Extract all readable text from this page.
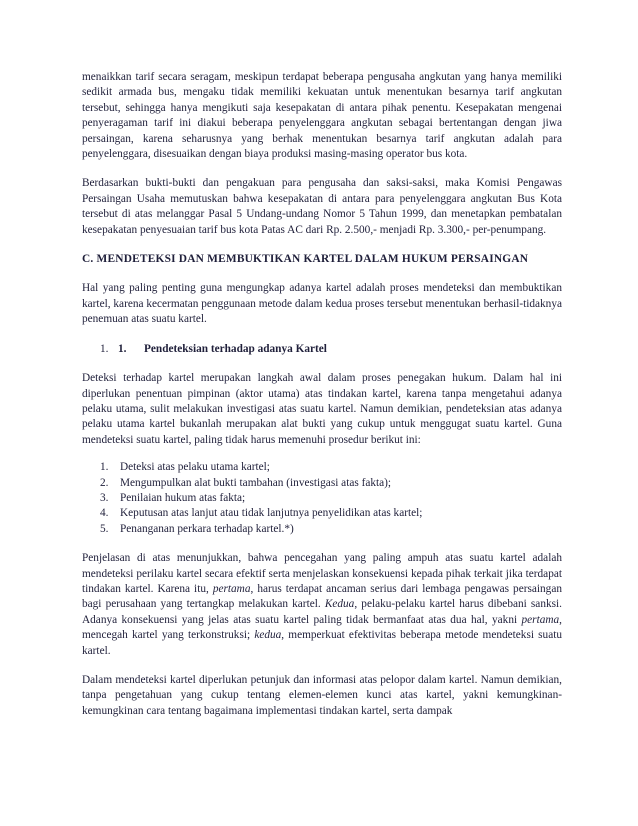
menaikkan tarif secara seragam, meskipun terdapat beberapa pengusaha angkutan yang hanya memiliki sedikit armada bus, mengaku tidak memiliki kekuatan untuk menentukan besarnya tarif angkutan tersebut, sehingga hanya mengikuti saja kesepakatan di antara pihak penentu. Kesepakatan mengenai penyeragaman tarif ini diakui beberapa penyelenggara angkutan sebagai bertentangan dengan jiwa persaingan, karena seharusnya yang berhak menentukan besarnya tarif angkutan adalah para penyelenggara, disesuaikan dengan biaya produksi masing-masing operator bus kota.

Berdasarkan bukti-bukti dan pengakuan para pengusaha dan saksi-saksi, maka Komisi Pengawas Persaingan Usaha memutuskan bahwa kesepakatan di antara para penyelenggara angkutan Bus Kota tersebut di atas melanggar Pasal 5 Undang-undang Nomor 5 Tahun 1999, dan menetapkan pembatalan kesepakatan penyesuaian tarif bus kota Patas AC dari Rp. 2.500,- menjadi Rp. 3.300,- per-penumpang.

C. MENDETEKSI DAN MEMBUKTIKAN KARTEL DALAM HUKUM PERSAINGAN

Hal yang paling penting guna mengungkap adanya kartel adalah proses mendeteksi dan membuktikan kartel, karena kecermatan penggunaan metode dalam kedua proses tersebut menentukan berhasil-tidaknya penemuan atas suatu kartel.

1. 1. Pendeteksian terhadap adanya Kartel

Deteksi terhadap kartel merupakan langkah awal dalam proses penegakan hukum. Dalam hal ini diperlukan penentuan pimpinan (aktor utama) atas tindakan kartel, karena tanpa mengetahui adanya pelaku utama, sulit melakukan investigasi atas suatu kartel. Namun demikian, pendeteksian atas adanya pelaku utama kartel bukanlah merupakan alat bukti yang cukup untuk menggugat suatu kartel. Guna mendeteksi suatu kartel, paling tidak harus memenuhi prosedur berikut ini:

1.	Deteksi atas pelaku utama kartel;
2.	Mengumpulkan alat bukti tambahan (investigasi atas fakta);
3.	Penilaian hukum atas fakta;
4.	Keputusan atas lanjut atau tidak lanjutnya penyelidikan atas kartel;
5.	Penanganan perkara terhadap kartel.*)

Penjelasan di atas menunjukkan, bahwa pencegahan yang paling ampuh atas suatu kartel adalah mendeteksi perilaku kartel secara efektif serta menjelaskan konsekuensi kepada pihak terkait jika terdapat tindakan kartel. Karena itu, pertama, harus terdapat ancaman serius dari lembaga pengawas persaingan bagi perusahaan yang tertangkap melakukan kartel. Kedua, pelaku-pelaku kartel harus dibebani sanksi. Adanya konsekuensi yang jelas atas suatu kartel paling tidak bermanfaat atas dua hal, yakni pertama, mencegah kartel yang terkonstruksi; kedua, memperkuat efektivitas beberapa metode mendeteksi suatu kartel.

Dalam mendeteksi kartel diperlukan petunjuk dan informasi atas pelopor dalam kartel. Namun demikian, tanpa pengetahuan yang cukup tentang elemen-elemen kunci atas kartel, yakni kemungkinan-kemungkinan cara tentang bagaimana implementasi tindakan kartel, serta dampak
